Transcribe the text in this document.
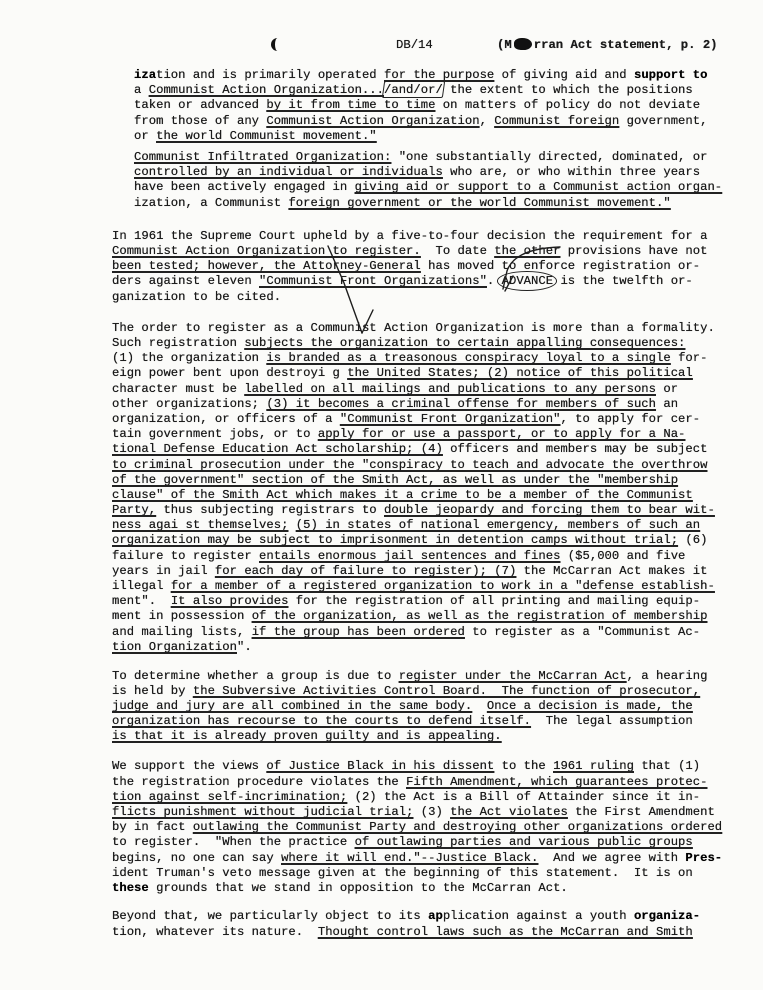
DB/14	(M rran Act statement, p. 2)
ization and is primarily operated for the purpose of giving aid and support to
a Communist Action Organization.../and/or/ the extent to which the positions
taken or advanced by it from time to time on matters of policy do not deviate
from those of any Communist Action Organization, Communist foreign government,
or the world Communist movement."
Communist Infiltrated Organization: "one substantially directed, dominated, or
controlled by an individual or individuals who are, or who within three years
have been actively engaged in giving aid or support to a Communist action organ-
ization, a Communist foreign government or the world Communist movement."
In 1961 the Supreme Court upheld by a five-to-four decision the requirement for a
Communist Action Organization to register.  To date the other provisions have not
been tested; however, the Attorney-General has moved to enforce registration or-
ders against eleven "Communist Front Organizations". ADVANCE is the twelfth or-
ganization to be cited.
The order to register as a Communist Action Organization is more than a formality.
Such registration subjects the organization to certain appalling consequences:
(1) the organization is branded as a treasonous conspiracy loyal to a single for-
eign power bent upon destroyi g the United States; (2) notice of this political
character must be labelled on all mailings and publications to any persons or
other organizations; (3) it becomes a criminal offense for members of such an
organization, or officers of a "Communist Front Organization", to apply for cer-
tain government jobs, or to apply for or use a passport, or to apply for a Na-
tional Defense Education Act scholarship; (4) officers and members may be subject
to criminal prosecution under the "conspiracy to teach and advocate the overthrow
of the government" section of the Smith Act, as well as under the "membership
clause" of the Smith Act which makes it a crime to be a member of the Communist
Party, thus subjecting registrars to double jeopardy and forcing them to bear wit-
ness agai st themselves; (5) in states of national emergency, members of such an
organization may be subject to imprisonment in detention camps without trial; (6)
failure to register entails enormous jail sentences and fines ($5,000 and five
years in jail for each day of failure to register); (7) the McCarran Act makes it
illegal for a member of a registered organization to work in a "defense establish-
ment".  It also provides for the registration of all printing and mailing equip-
ment in possession of the organization, as well as the registration of membership
and mailing lists, if the group has been ordered to register as a "Communist Ac-
tion Organization".
To determine whether a group is due to register under the McCarran Act, a hearing
is held by the Subversive Activities Control Board.  The function of prosecutor,
judge and jury are all combined in the same body. Once a decision is made, the
organization has recourse to the courts to defend itself.  The legal assumption
is that it is already proven guilty and is appealing.
We support the views of Justice Black in his dissent to the 1961 ruling that (1)
the registration procedure violates the Fifth Amendment, which guarantees protec-
tion against self-incrimination; (2) the Act is a Bill of Attainder since it in-
flicts punishment without judicial trial; (3) the Act violates the First Amendment
by in fact outlawing the Communist Party and destroying other organizations ordered
to register.  "When the practice of outlawing parties and various public groups
begins, no one can say where it will end."--Justice Black.  And we agree with Pres-
ident Truman's veto message given at the beginning of this statement.  It is on
these grounds that we stand in opposition to the McCarran Act.
Beyond that, we particularly object to its application against a youth organiza-
tion, whatever its nature.  Thought control laws such as the McCarran and Smith
